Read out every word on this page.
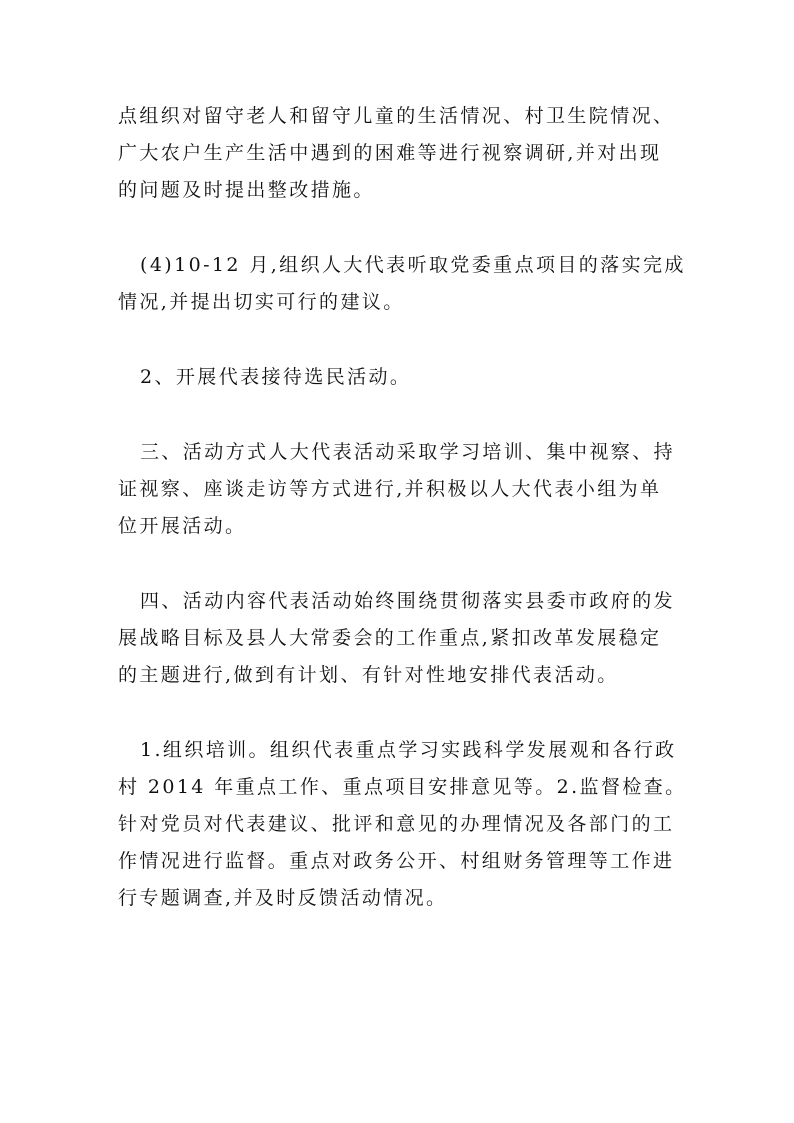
点组织对留守老人和留守儿童的生活情况、村卫生院情况、
广大农户生产生活中遇到的困难等进行视察调研,并对出现
的问题及时提出整改措施。

(4)10-12 月,组织人大代表听取党委重点项目的落实完成
情况,并提出切实可行的建议。

2、开展代表接待选民活动。

三、活动方式人大代表活动采取学习培训、集中视察、持
证视察、座谈走访等方式进行,并积极以人大代表小组为单
位开展活动。

四、活动内容代表活动始终围绕贯彻落实县委市政府的发
展战略目标及县人大常委会的工作重点,紧扣改革发展稳定
的主题进行,做到有计划、有针对性地安排代表活动。

1.组织培训。组织代表重点学习实践科学发展观和各行政
村 2014 年重点工作、重点项目安排意见等。2.监督检查。
针对党员对代表建议、批评和意见的办理情况及各部门的工
作情况进行监督。重点对政务公开、村组财务管理等工作进
行专题调查,并及时反馈活动情况。
